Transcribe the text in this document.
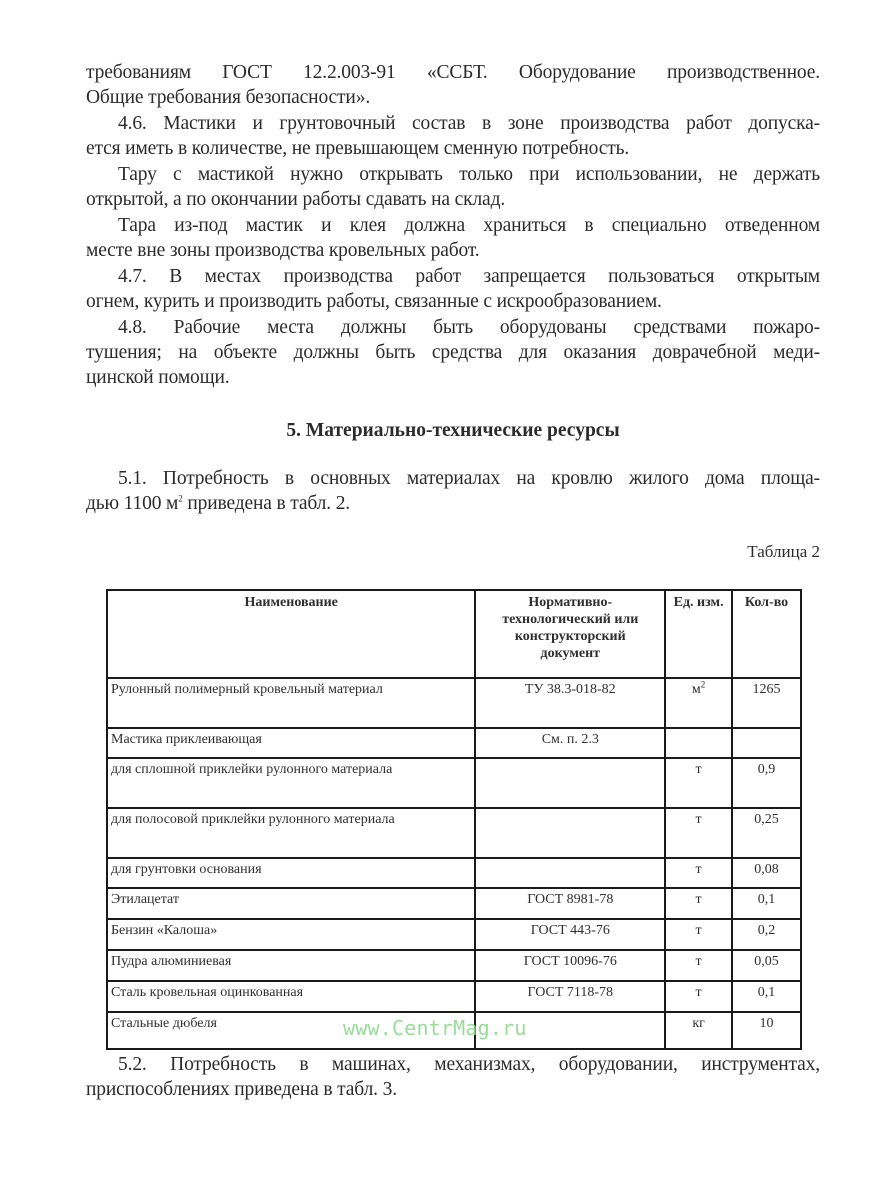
требованиям ГОСТ 12.2.003-91 «ССБТ. Оборудование производственное.
Общие требования безопасности».
4.6. Мастики и грунтовочный состав в зоне производства работ допуска-
ется иметь в количестве, не превышающем сменную потребность.
Тару с мастикой нужно открывать только при использовании, не держать
открытой, а по окончании работы сдавать на склад.
Тара из-под мастик и клея должна храниться в специально отведенном
месте вне зоны производства кровельных работ.
4.7. В местах производства работ запрещается пользоваться открытым
огнем, курить и производить работы, связанные с искрообразованием.
4.8. Рабочие места должны быть оборудованы средствами пожаро-
тушения; на объекте должны быть средства для оказания доврачебной меди-
цинской помощи.
5. Материально-технические ресурсы
5.1. Потребность в основных материалах на кровлю жилого дома площа-
дью 1100 $м^2$ приведена в табл. 2.
Таблица 2
Наименование	Нормативно-технологический или конструкторский документ	Ед. изм.	Кол-во
Рулонный полимерный кровельный материал	ТУ 38.3-018-82	$м^2$	1265
Мастика приклеивающая	См. п. 2.3		
для сплошной приклейки рулонного материала		т	0,9
для полосовой приклейки рулонного материала		т	0,25
для грунтовки основания		т	0,08
Этилацетат	ГОСТ 8981-78	т	0,1
Бензин «Калоша»	ГОСТ 443-76	т	0,2
Пудра алюминиевая	ГОСТ 10096-76	т	0,05
Сталь кровельная оцинкованная	ГОСТ 7118-78	т	0,1
Стальные дюбеля		кг	10
www.CentrMag.ru
5.2. Потребность в машинах, механизмах, оборудовании, инструментах,
приспособлениях приведена в табл. 3.
